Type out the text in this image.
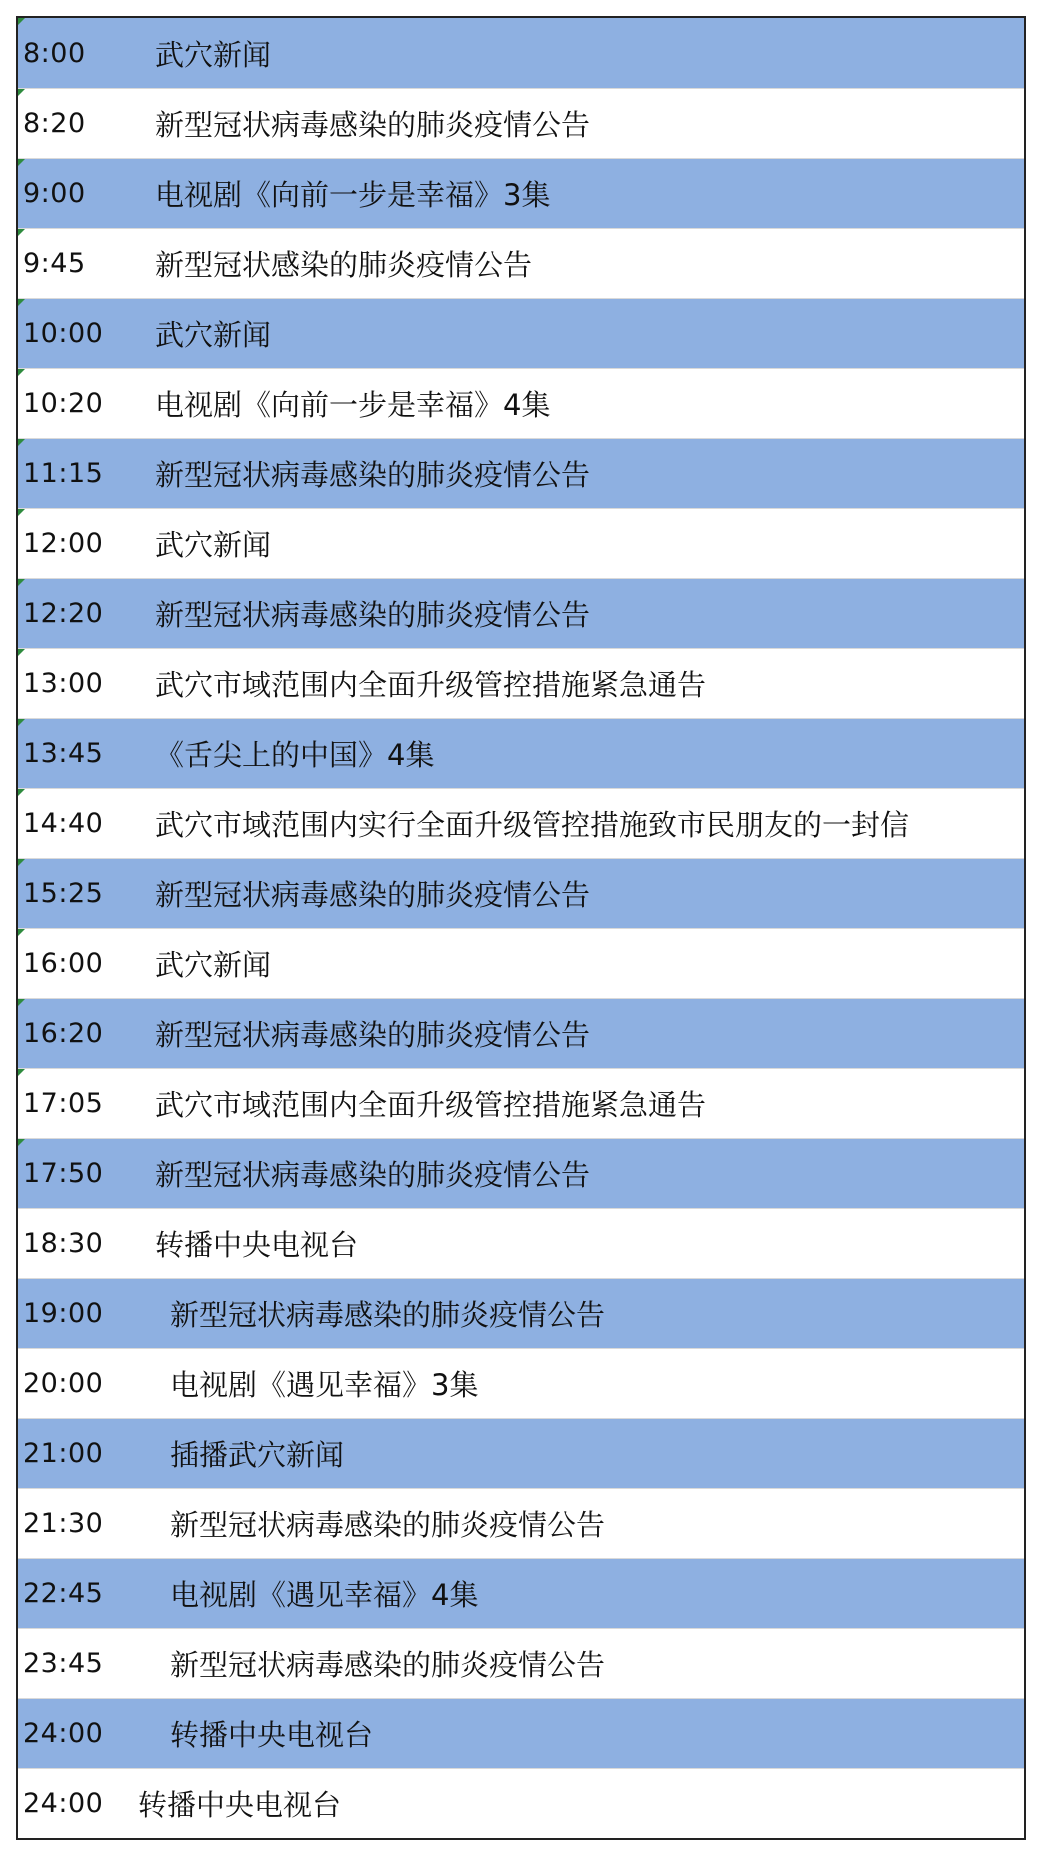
8:00	武穴新闻
8:20	新型冠状病毒感染的肺炎疫情公告
9:00	电视剧《向前一步是幸福》3集
9:45	新型冠状感染的肺炎疫情公告
10:00	武穴新闻
10:20	电视剧《向前一步是幸福》4集
11:15	新型冠状病毒感染的肺炎疫情公告
12:00	武穴新闻
12:20	新型冠状病毒感染的肺炎疫情公告
13:00	武穴市域范围内全面升级管控措施紧急通告
13:45	《舌尖上的中国》4集
14:40	武穴市域范围内实行全面升级管控措施致市民朋友的一封信
15:25	新型冠状病毒感染的肺炎疫情公告
16:00	武穴新闻
16:20	新型冠状病毒感染的肺炎疫情公告
17:05	武穴市域范围内全面升级管控措施紧急通告
17:50	新型冠状病毒感染的肺炎疫情公告
18:30	转播中央电视台
19:00	新型冠状病毒感染的肺炎疫情公告
20:00	电视剧《遇见幸福》3集
21:00	插播武穴新闻
21:30	新型冠状病毒感染的肺炎疫情公告
22:45	电视剧《遇见幸福》4集
23:45	新型冠状病毒感染的肺炎疫情公告
24:00	转播中央电视台
24:00	转播中央电视台
